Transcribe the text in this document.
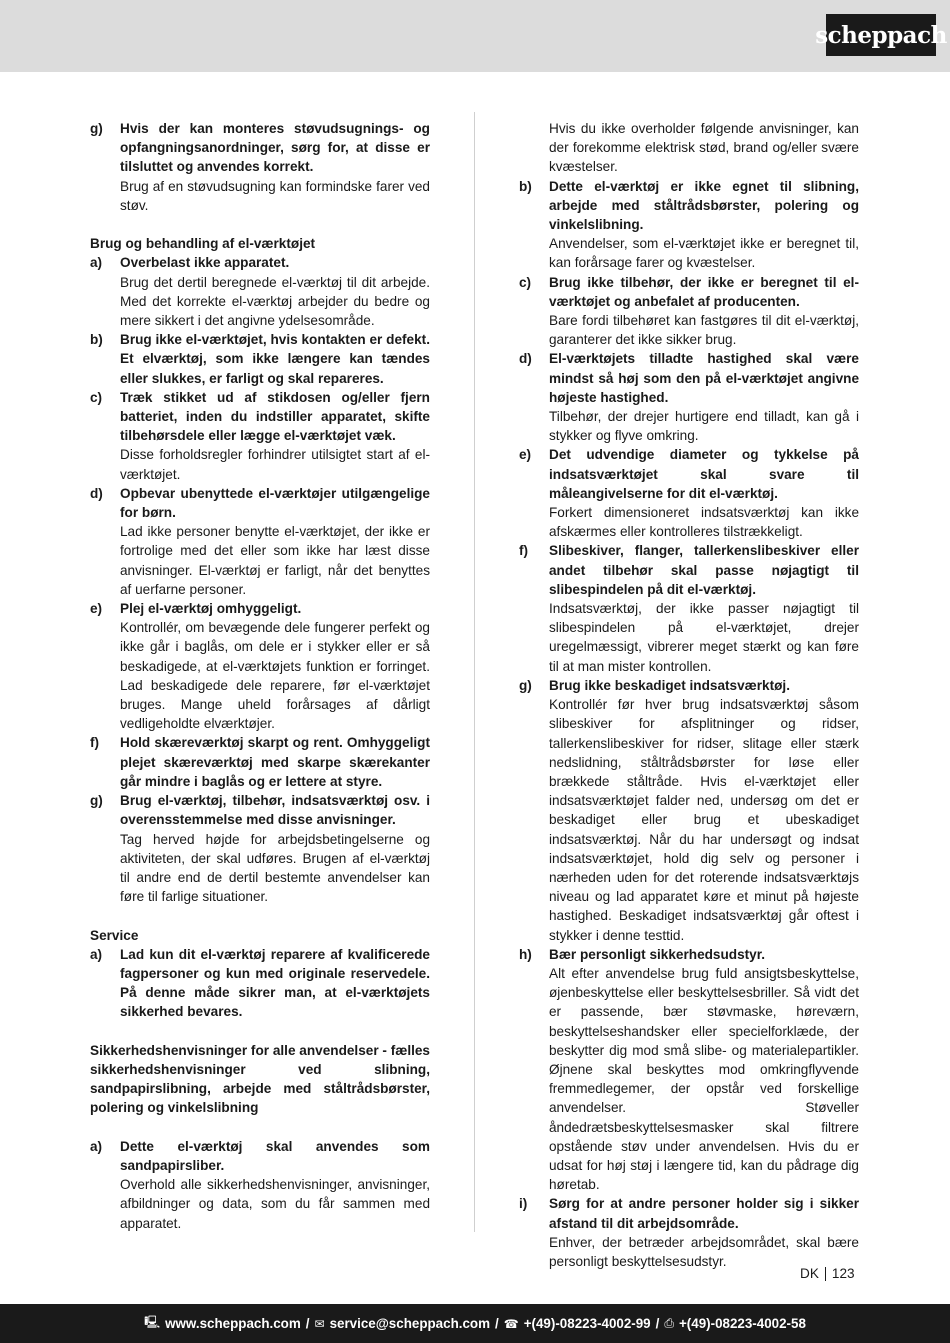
scheppach
g)	Hvis der kan monteres støvudsugnings- og opfangningsanordninger, sørg for, at disse er tilsluttet og anvendes korrekt.
Brug af en støvudsugning kan formindske farer ved støv.
Brug og behandling af el-værktøjet
a)	Overbelast ikke apparatet.
Brug det dertil beregnede el-værktøj til dit arbejde. Med det korrekte el-værktøj arbejder du bedre og mere sikkert i det angivne ydelsesområde.
b)	Brug ikke el-værktøjet, hvis kontakten er defekt. Et elværktøj, som ikke længere kan tændes eller slukkes, er farligt og skal repareres.
c)	Træk stikket ud af stikdosen og/eller fjern batteriet, inden du indstiller apparatet, skifte tilbehørsdele eller lægge el-værktøjet væk.
Disse forholdsregler forhindrer utilsigtet start af el-værktøjet.
d)	Opbevar ubenyttede el-værktøjer utilgængelige for børn.
Lad ikke personer benytte el-værktøjet, der ikke er fortrolige med det eller som ikke har læst disse anvisninger. El-værktøj er farligt, når det benyttes af uerfarne personer.
e)	Plej el-værktøj omhyggeligt.
Kontrollér, om bevægende dele fungerer perfekt og ikke går i baglås, om dele er i stykker eller er så beskadigede, at el-værktøjets funktion er forringet. Lad beskadigede dele reparere, før el-værktøjet bruges. Mange uheld forårsages af dårligt vedligeholdte elværktøjer.
f)	Hold skæreværktøj skarpt og rent. Omhyggeligt plejet skæreværktøj med skarpe skærekanter går mindre i baglås og er lettere at styre.
g)	Brug el-værktøj, tilbehør, indsatsværktøj osv. i overensstemmelse med disse anvisninger.
Tag herved højde for arbejdsbetingelserne og aktiviteten, der skal udføres. Brugen af el-værktøj til andre end de dertil bestemte anvendelser kan føre til farlige situationer.
Service
a)	Lad kun dit el-værktøj reparere af kvalificerede fagpersoner og kun med originale reservedele. På denne måde sikrer man, at el-værktøjets sikkerhed bevares.
Sikkerhedshenvisninger for alle anvendelser - fælles sikkerhedshenvisninger ved slibning, sandpapirslibning, arbejde med ståltrådsbørster, polering og vinkelslibning
a)	Dette el-værktøj skal anvendes som sandpapirsliber.
Overhold alle sikkerhedshenvisninger, anvisninger, afbildninger og data, som du får sammen med apparatet.
Hvis du ikke overholder følgende anvisninger, kan der forekomme elektrisk stød, brand og/eller svære kvæstelser.
b)	Dette el-værktøj er ikke egnet til slibning, arbejde med ståltrådsbørster, polering og vinkelslibning.
Anvendelser, som el-værktøjet ikke er beregnet til, kan forårsage farer og kvæstelser.
c)	Brug ikke tilbehør, der ikke er beregnet til el-værktøjet og anbefalet af producenten.
Bare fordi tilbehøret kan fastgøres til dit el-værktøj, garanterer det ikke sikker brug.
d)	El-værktøjets tilladte hastighed skal være mindst så høj som den på el-værktøjet angivne højeste hastighed.
Tilbehør, der drejer hurtigere end tilladt, kan gå i stykker og flyve omkring.
e)	Det udvendige diameter og tykkelse på indsatsværktøjet skal svare til måleangivelserne for dit el-værktøj.
Forkert dimensioneret indsatsværktøj kan ikke afskærmes eller kontrolleres tilstrækkeligt.
f)	Slibeskiver, flanger, tallerkenslibeskiver eller andet tilbehør skal passe nøjagtigt til slibespindelen på dit el-værktøj.
Indsatsværktøj, der ikke passer nøjagtigt til slibespindelen på el-værktøjet, drejer uregelmæssigt, vibrerer meget stærkt og kan føre til at man mister kontrollen.
g)	Brug ikke beskadiget indsatsværktøj.
Kontrollér før hver brug indsatsværktøj såsom slibeskiver for afsplitninger og ridser, tallerkenslibeskiver for ridser, slitage eller stærk nedslidning, ståltrådsbørster for løse eller brækkede ståltråde. Hvis el-værktøjet eller indsatsværktøjet falder ned, undersøg om det er beskadiget eller brug et ubeskadiget indsatsværktøj. Når du har undersøgt og indsat indsatsværktøjet, hold dig selv og personer i nærheden uden for det roterende indsatsværktøjs niveau og lad apparatet køre et minut på højeste hastighed. Beskadiget indsatsværktøj går oftest i stykker i denne testtid.
h)	Bær personligt sikkerhedsudstyr.
Alt efter anvendelse brug fuld ansigtsbeskyttelse, øjenbeskyttelse eller beskyttelsesbriller. Så vidt det er passende, bær støvmaske, høreværn, beskyttelseshandsker eller specielforklæde, der beskytter dig mod små slibe- og materialepartikler. Øjnene skal beskyttes mod omkringflyvende fremmedlegemer, der opstår ved forskellige anvendelser. Støveller åndedrætsbeskyttelsesmasker skal filtrere opstående støv under anvendelsen. Hvis du er udsat for høj støj i længere tid, kan du pådrage dig høretab.
i)	Sørg for at andre personer holder sig i sikker afstand til dit arbejdsområde.
Enhver, der betræder arbejdsområdet, skal bære personligt beskyttelsesudstyr.
DK 123
🖳 www.scheppach.com / ✉ service@scheppach.com / ☎ +(49)-08223-4002-99 / ⎙ +(49)-08223-4002-58
